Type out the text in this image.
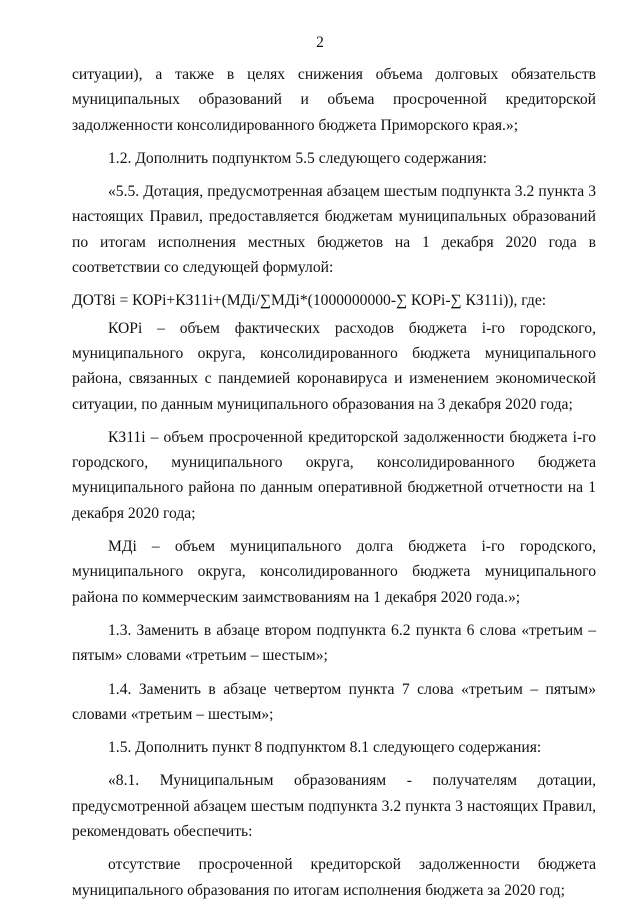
2

ситуации), а также в целях снижения объема долговых обязательств муниципальных образований и объема просроченной кредиторской задолженности консолидированного бюджета Приморского края.»;

1.2. Дополнить подпунктом 5.5 следующего содержания:

«5.5. Дотация, предусмотренная абзацем шестым подпункта 3.2 пункта 3 настоящих Правил, предоставляется бюджетам муниципальных образований по итогам исполнения местных бюджетов на 1 декабря 2020 года в соответствии со следующей формулой:

ДОТ8i = КОРi+КЗ11i+(МДi/∑МДi*(1000000000-∑ КОРi-∑ КЗ11i)), где:

КОРi – объем фактических расходов бюджета i-го городского, муниципального округа, консолидированного бюджета муниципального района, связанных с пандемией коронавируса и изменением экономической ситуации, по данным муниципального образования на 3 декабря 2020 года;

КЗ11i – объем просроченной кредиторской задолженности бюджета i-го городского, муниципального округа, консолидированного бюджета муниципального района по данным оперативной бюджетной отчетности на 1 декабря 2020 года;

МДi – объем муниципального долга бюджета i-го городского, муниципального округа, консолидированного бюджета муниципального района по коммерческим заимствованиям на 1 декабря 2020 года.»;

1.3. Заменить в абзаце втором подпункта 6.2 пункта 6 слова «третьим – пятым» словами «третьим – шестым»;

1.4. Заменить в абзаце четвертом пункта 7 слова «третьим – пятым» словами «третьим – шестым»;

1.5. Дополнить пункт 8 подпунктом 8.1 следующего содержания:

«8.1. Муниципальным образованиям - получателям дотации, предусмотренной абзацем шестым подпункта 3.2 пункта 3 настоящих Правил, рекомендовать обеспечить:

отсутствие просроченной кредиторской задолженности бюджета муниципального образования по итогам исполнения бюджета за 2020 год;
